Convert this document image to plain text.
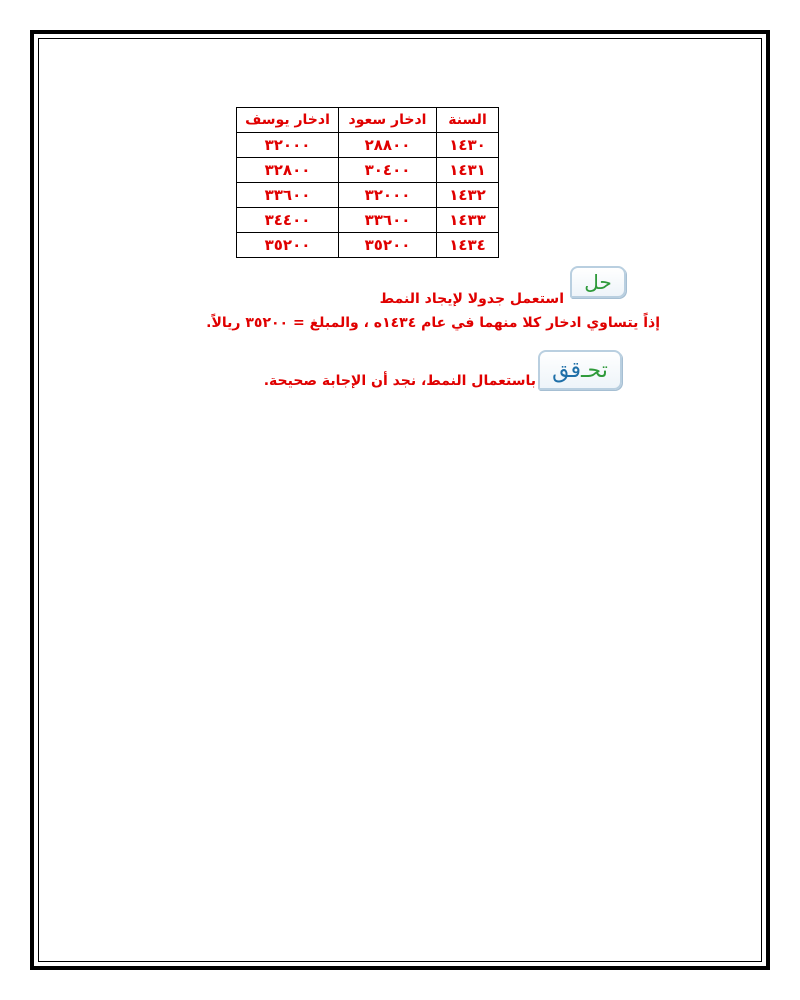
السنة	ادخار سعود	ادخار يوسف
١٤٣٠	٢٨٨٠٠	٣٢٠٠٠
١٤٣١	٣٠٤٠٠	٣٢٨٠٠
١٤٣٢	٣٢٠٠٠	٣٣٦٠٠
١٤٣٣	٣٣٦٠٠	٣٤٤٠٠
١٤٣٤	٣٥٢٠٠	٣٥٢٠٠
حل
استعمل جدولا لإيجاد النمط
إذاً يتساوي ادخار كلا منهما في عام ١٤٣٤ه ، والمبلغ = ٣٥٢٠٠ ريالاً.
تحـ
قق
باستعمال النمط، نجد أن الإجابة صحيحة.
